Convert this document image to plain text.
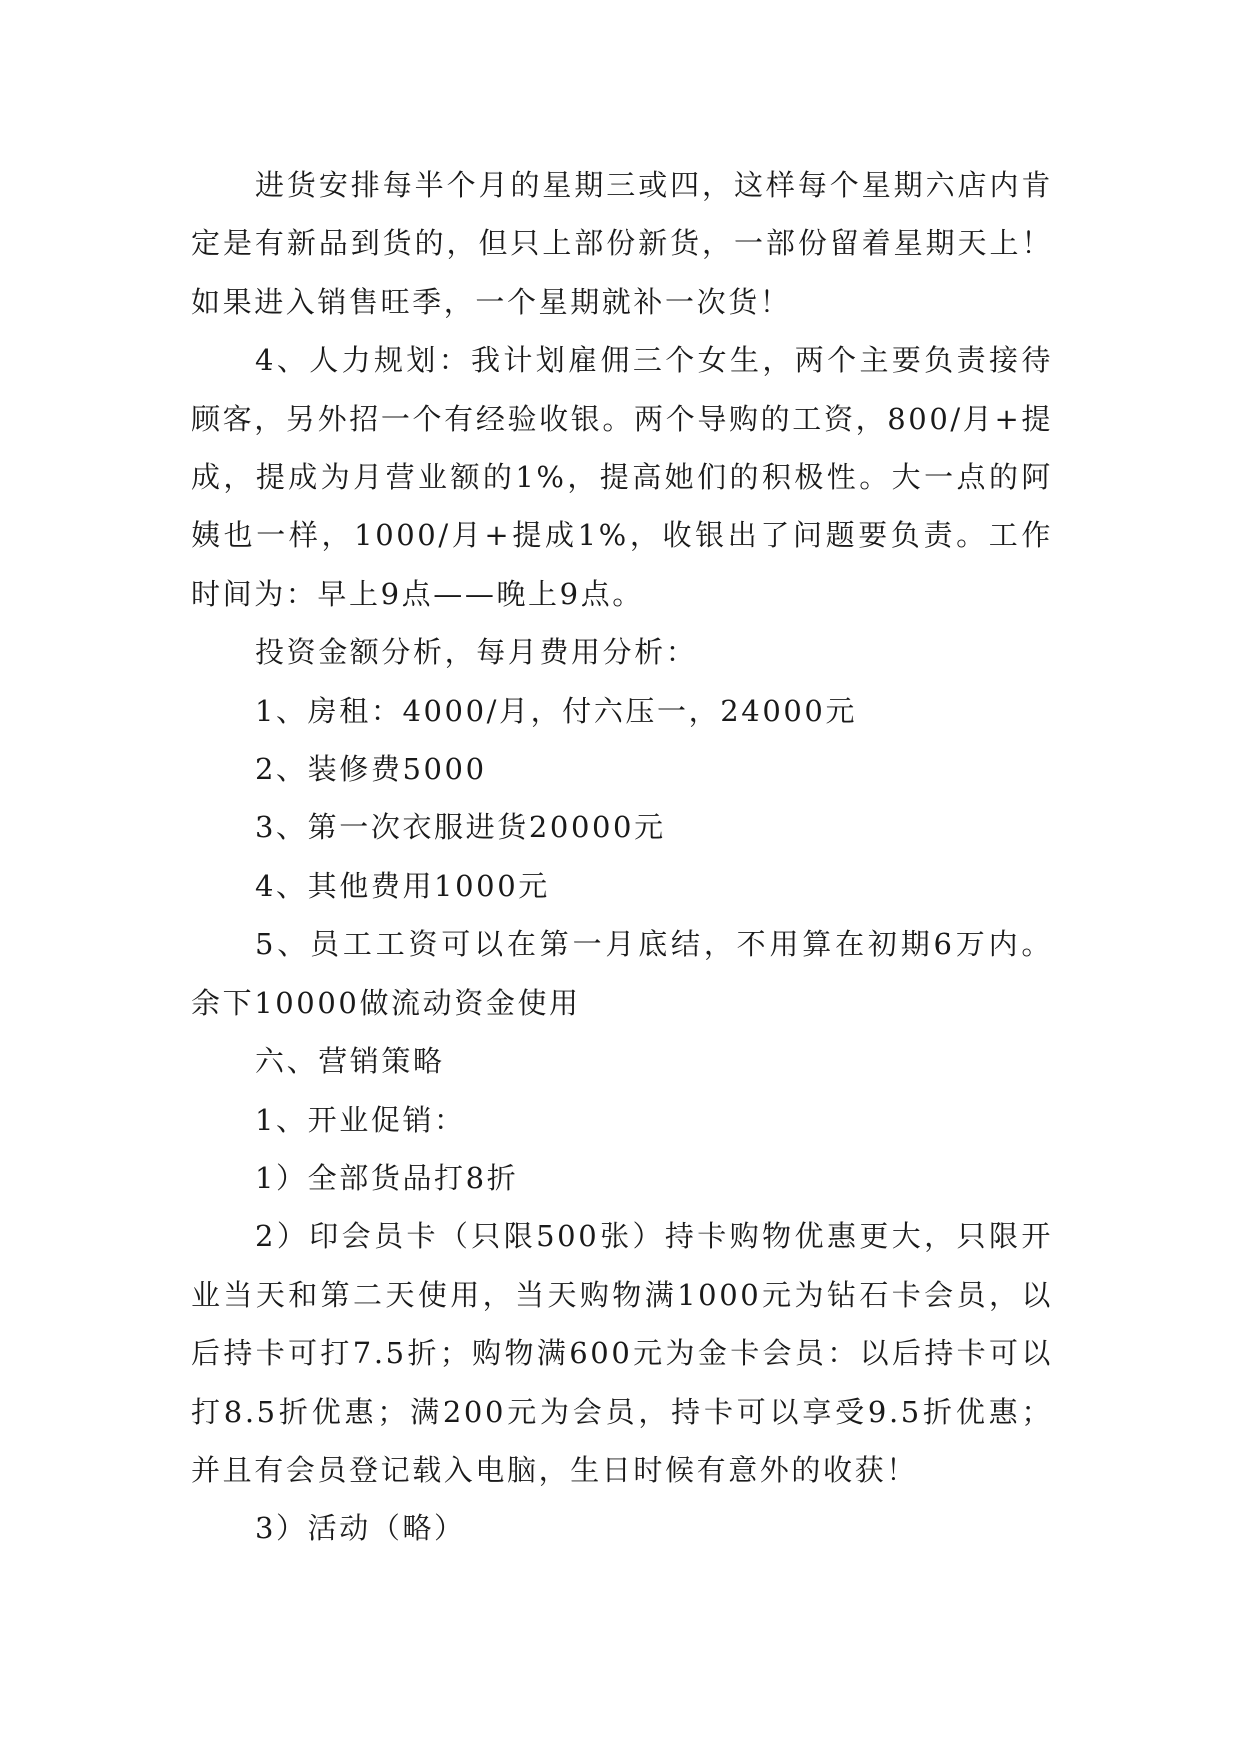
进货安排每半个月的星期三或四，这样每个星期六店内肯定是有新品到货的，但只上部份新货，一部份留着星期天上！如果进入销售旺季，一个星期就补一次货！

4、人力规划：我计划雇佣三个女生，两个主要负责接待顾客，另外招一个有经验收银。两个导购的工资，800/月+提成，提成为月营业额的1%，提高她们的积极性。大一点的阿姨也一样，1000/月+提成1%，收银出了问题要负责。工作时间为：早上9点——晚上9点。

投资金额分析，每月费用分析：

1、房租：4000/月，付六压一，24000元

2、装修费5000

3、第一次衣服进货20000元

4、其他费用1000元

5、员工工资可以在第一月底结，不用算在初期6万内。余下10000做流动资金使用

六、营销策略

1、开业促销：

1）全部货品打8折

2）印会员卡（只限500张）持卡购物优惠更大，只限开业当天和第二天使用，当天购物满1000元为钻石卡会员，以后持卡可打7.5折；购物满600元为金卡会员：以后持卡可以打8.5折优惠；满200元为会员，持卡可以享受9.5折优惠；并且有会员登记载入电脑，生日时候有意外的收获！

3）活动（略）
